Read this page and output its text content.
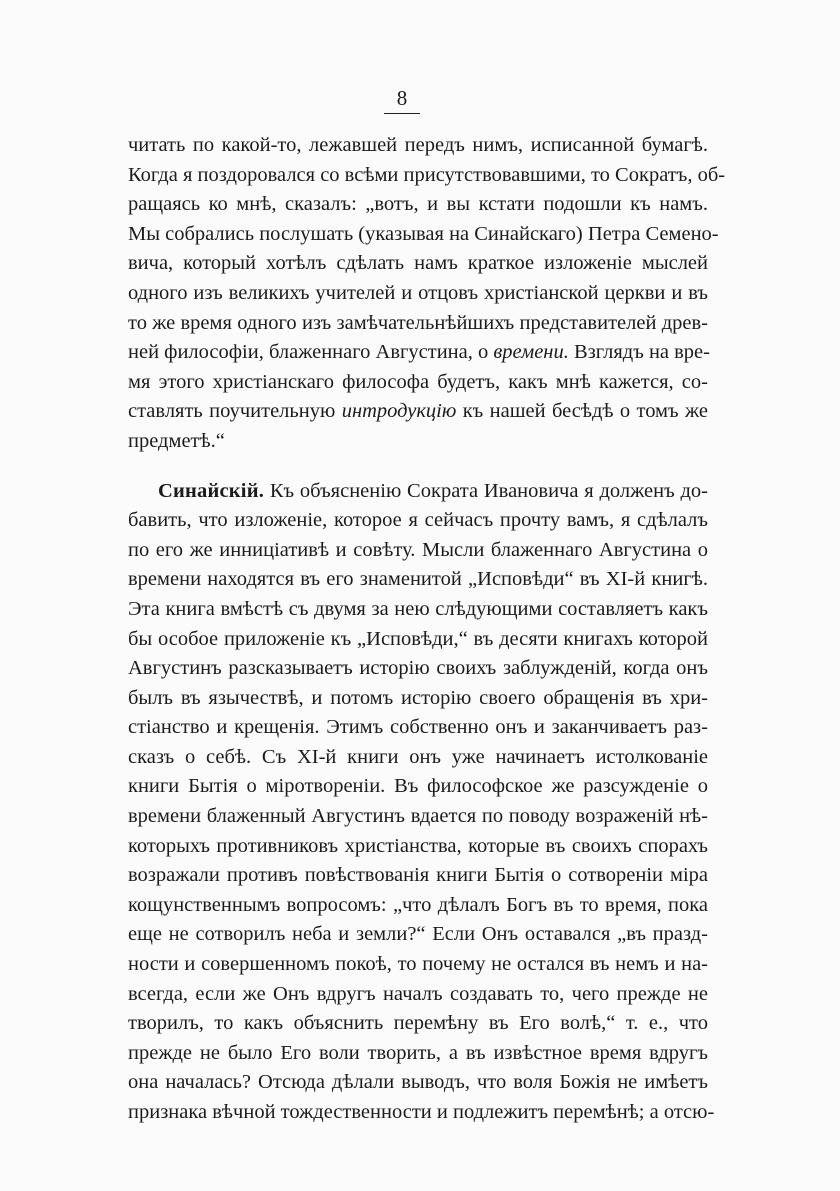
8
читать по какой-то, лежавшей передъ нимъ, исписанной бумагѣ.
Когда я поздоровался со всѣми присутствовавшими, то Сократъ, об-
ращаясь ко мнѣ, сказалъ: „вотъ, и вы кстати подошли къ намъ.
Мы собрались послушать (указывая на Синайскаго) Петра Семено-
вича, который хотѣлъ сдѣлать намъ краткое изложеніе мыслей
одного изъ великихъ учителей и отцовъ христіанской церкви и въ
то же время одного изъ замѣчательнѣйшихъ представителей древ-
ней философіи, блаженнаго Августина, о времени. Взглядъ на вре-
мя этого христіанскаго философа будетъ, какъ мнѣ кажется, со-
ставлять поучительную интродукцію къ нашей бесѣдѣ о томъ же
предметѣ.“
Синайскій. Къ объясненію Сократа Ивановича я долженъ до-
бавить, что изложеніе, которое я сейчасъ прочту вамъ, я сдѣлалъ
по его же инниціативѣ и совѣту. Мысли блаженнаго Августина о
времени находятся въ его знаменитой „Исповѣди“ въ XI-й книгѣ.
Эта книга вмѣстѣ съ двумя за нею слѣдующими составляетъ какъ
бы особое приложеніе къ „Исповѣди,“ въ десяти книгахъ которой
Августинъ разсказываетъ исторію своихъ заблужденій, когда онъ
былъ въ язычествѣ, и потомъ исторію своего обращенія въ хри-
стіанство и крещенія. Этимъ собственно онъ и заканчиваетъ раз-
сказъ о себѣ. Съ XI-й книги онъ уже начинаетъ истолкованіе
книги Бытія о міротвореніи. Въ философское же разсужденіе о
времени блаженный Августинъ вдается по поводу возраженій нѣ-
которыхъ противниковъ христіанства, которые въ своихъ спорахъ
возражали противъ повѣствованія книги Бытія о сотвореніи міра
кощунственнымъ вопросомъ: „что дѣлалъ Богъ въ то время, пока
еще не сотворилъ неба и земли?“ Если Онъ оставался „въ празд-
ности и совершенномъ покоѣ, то почему не остался въ немъ и на-
всегда, если же Онъ вдругъ началъ создавать то, чего прежде не
творилъ, то какъ объяснить перемѣну въ Его волѣ,“ т. е., что
прежде не было Его воли творить, а въ извѣстное время вдругъ
она началась? Отсюда дѣлали выводъ, что воля Божія не имѣетъ
признака вѣчной тождественности и подлежитъ перемѣнѣ; а отсю-
